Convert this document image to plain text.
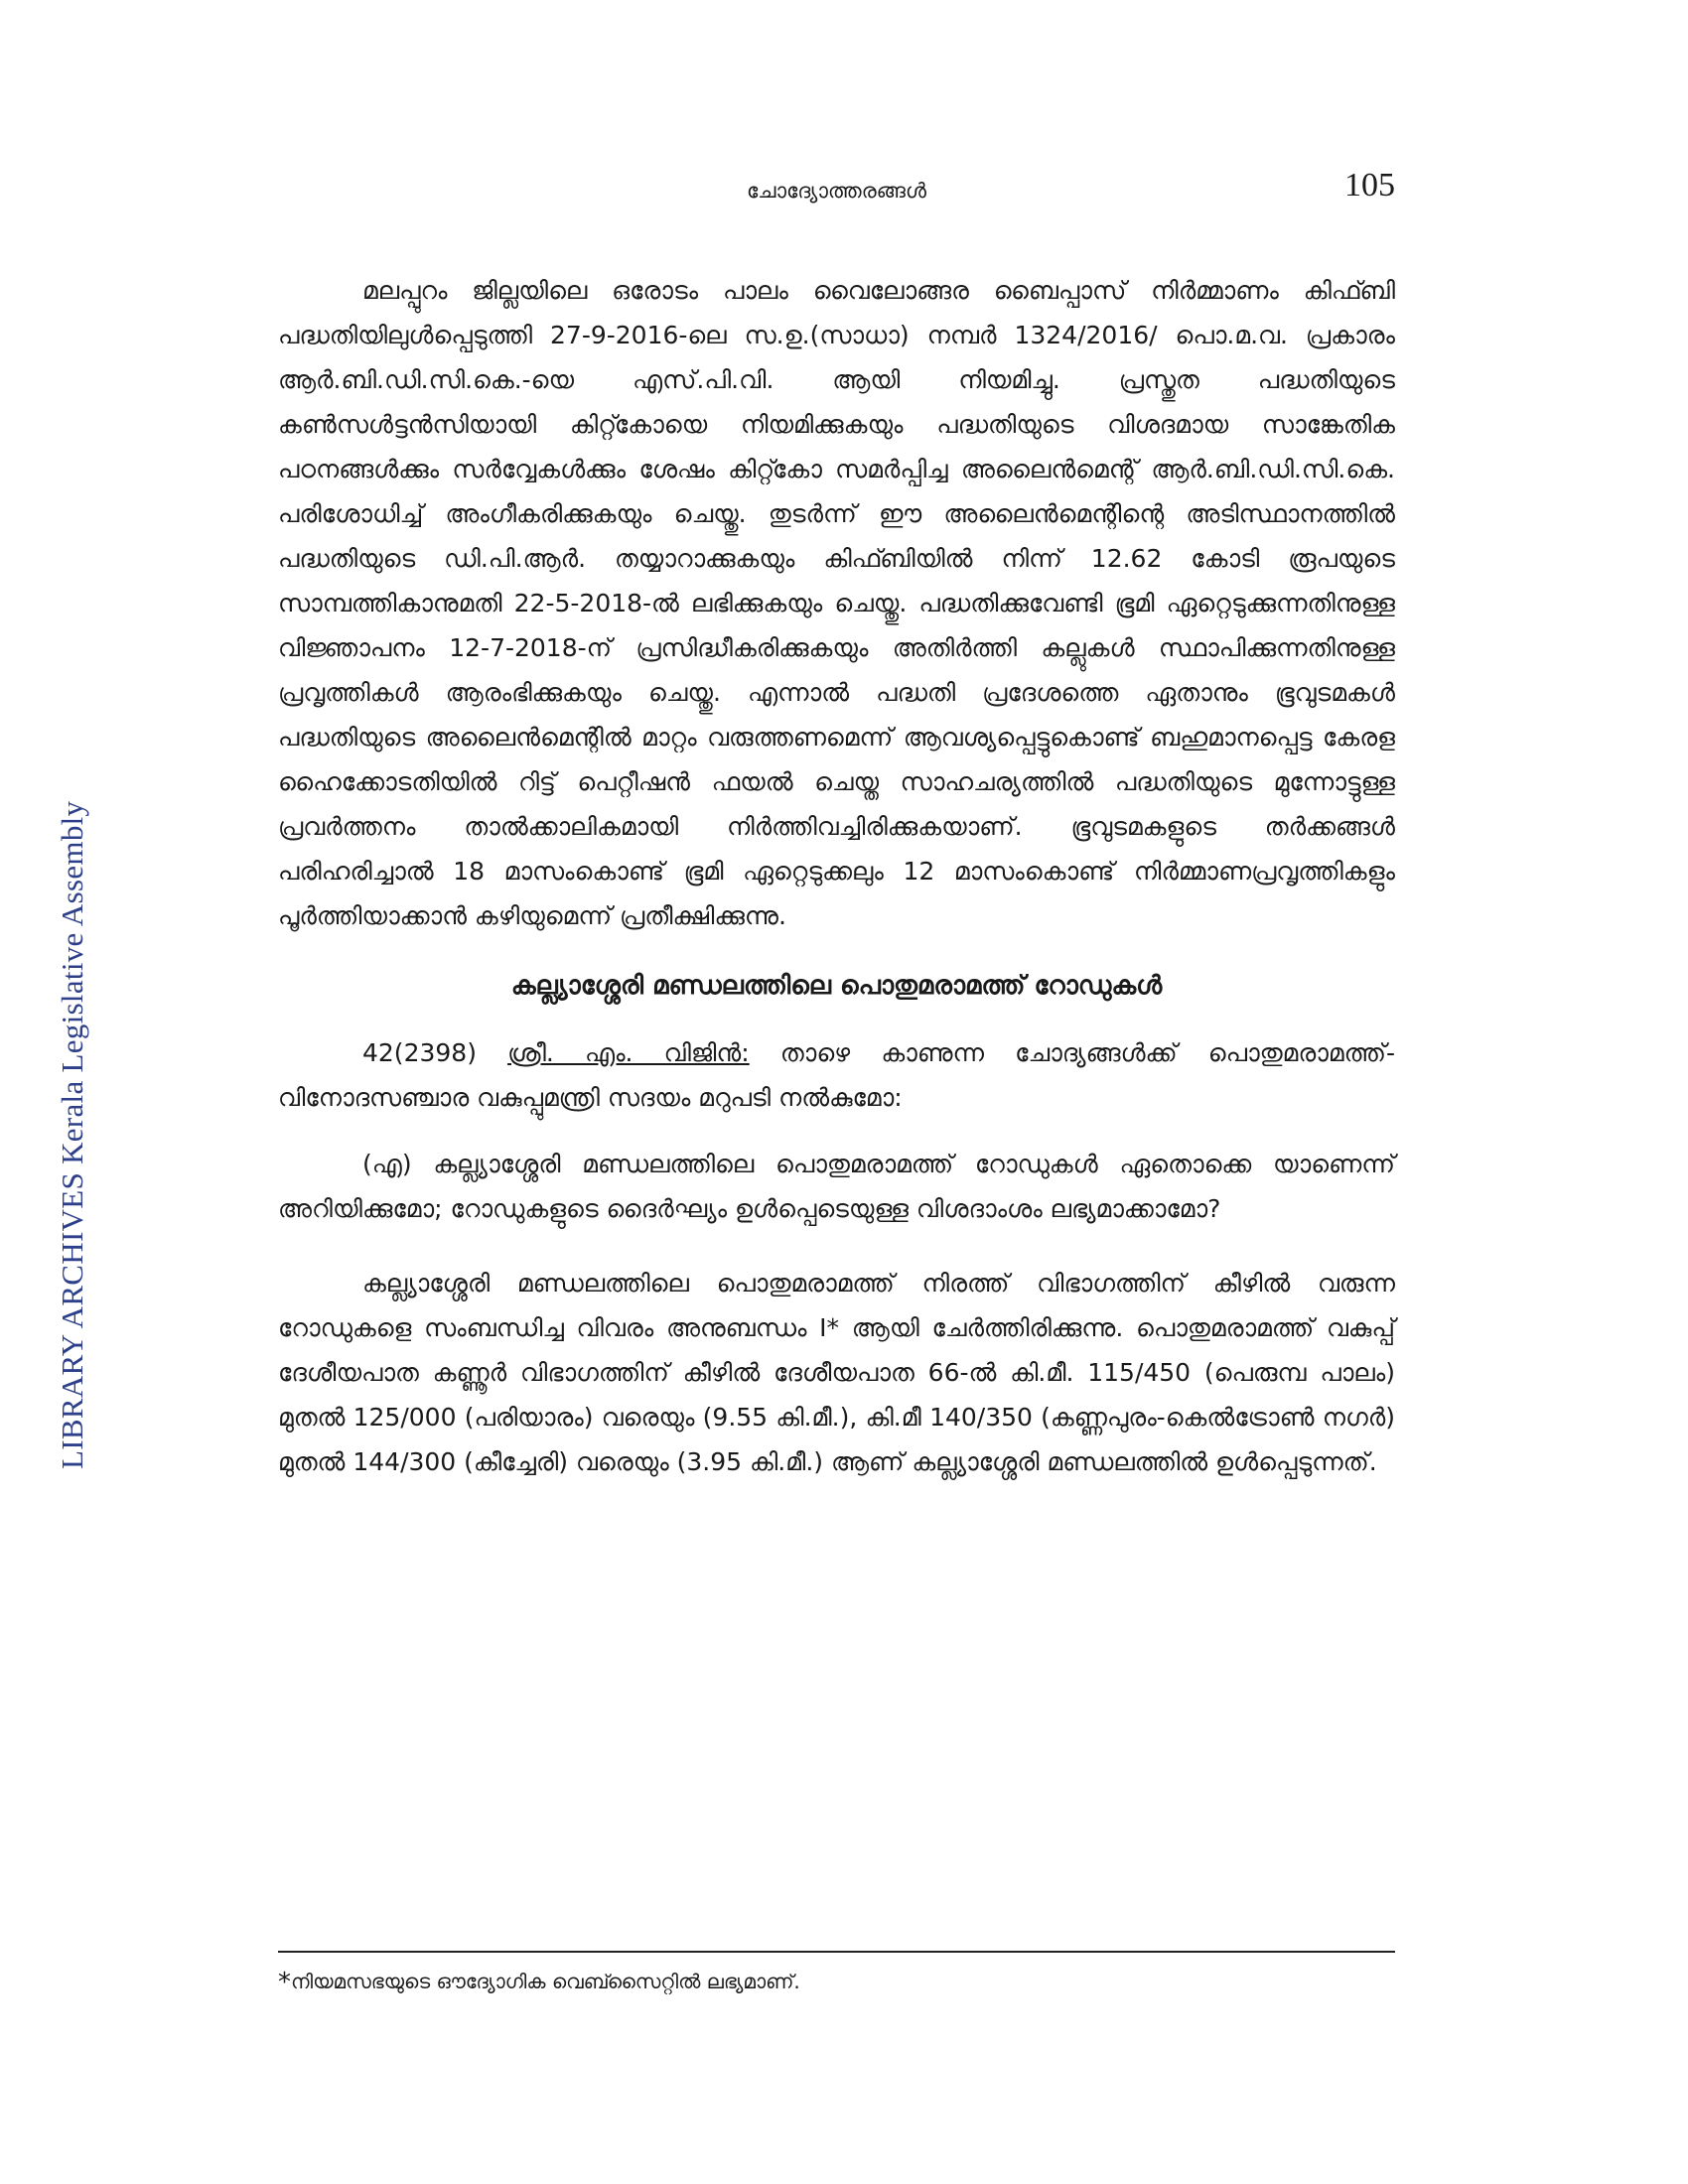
ചോദ്യോത്തരങ്ങൾ	105
LIBRARY ARCHIVES Kerala Legislative Assembly

മലപ്പുറം ജില്ലയിലെ ഒരോടം പാലം വൈലോങ്ങര ബൈപ്പാസ് നിർമ്മാണം കിഫ്ബി പദ്ധതിയിലുൾപ്പെടുത്തി 27-9-2016-ലെ സ.ഉ.(സാധാ) നമ്പർ 1324/2016/ പൊ.മ.വ. പ്രകാരം ആർ.ബി.ഡി.സി.കെ.-യെ എസ്.പി.വി. ആയി നിയമിച്ചു. പ്രസ്തുത പദ്ധതിയുടെ കൺസൾട്ടൻസിയായി കിറ്റ്കോയെ നിയമിക്കുകയും പദ്ധതിയുടെ വിശദമായ സാങ്കേതിക പഠനങ്ങൾക്കും സർവ്വേകൾക്കും ശേഷം കിറ്റ്കോ സമർപ്പിച്ച അലൈൻമെന്റ് ആർ.ബി.ഡി.സി.കെ. പരിശോധിച്ച് അംഗീകരിക്കുകയും ചെയ്തു. തുടർന്ന് ഈ അലൈൻമെന്റിന്റെ അടിസ്ഥാനത്തിൽ പദ്ധതിയുടെ ഡി.പി.ആർ. തയ്യാറാക്കുകയും കിഫ്ബിയിൽ നിന്ന് 12.62 കോടി രൂപയുടെ സാമ്പത്തികാനുമതി 22-5-2018-ൽ ലഭിക്കുകയും ചെയ്തു. പദ്ധതിക്കുവേണ്ടി ഭൂമി ഏറ്റെടുക്കുന്നതിനുള്ള വിജ്ഞാപനം 12-7-2018-ന് പ്രസിദ്ധീകരിക്കുകയും അതിർത്തി കല്ലുകൾ സ്ഥാപിക്കുന്നതിനുള്ള പ്രവൃത്തികൾ ആരംഭിക്കുകയും ചെയ്തു. എന്നാൽ പദ്ധതി പ്രദേശത്തെ ഏതാനും ഭൂവുടമകൾ പദ്ധതിയുടെ അലൈൻമെന്റിൽ മാറ്റം വരുത്തണമെന്ന് ആവശ്യപ്പെട്ടുകൊണ്ട് ബഹുമാനപ്പെട്ട കേരള ഹൈക്കോടതിയിൽ റിട്ട് പെറ്റീഷൻ ഫയൽ ചെയ്ത സാഹചര്യത്തിൽ പദ്ധതിയുടെ മുന്നോട്ടുള്ള പ്രവർത്തനം താൽക്കാലികമായി നിർത്തിവച്ചിരിക്കുകയാണ്. ഭൂവുടമകളുടെ തർക്കങ്ങൾ പരിഹരിച്ചാൽ 18 മാസംകൊണ്ട് ഭൂമി ഏറ്റെടുക്കലും 12 മാസംകൊണ്ട് നിർമ്മാണപ്രവൃത്തികളും പൂർത്തിയാക്കാൻ കഴിയുമെന്ന് പ്രതീക്ഷിക്കുന്നു.

കല്ല്യാശ്ശേരി മണ്ഡലത്തിലെ പൊതുമരാമത്ത് റോഡുകൾ

42(2398) ശ്രീ. എം. വിജിൻ: താഴെ കാണുന്ന ചോദ്യങ്ങൾക്ക് പൊതുമരാമത്ത്-വിനോദസഞ്ചാര വകുപ്പുമന്ത്രി സദയം മറുപടി നൽകുമോ:

(എ) കല്ല്യാശ്ശേരി മണ്ഡലത്തിലെ പൊതുമരാമത്ത് റോഡുകൾ ഏതൊക്കെ യാണെന്ന് അറിയിക്കുമോ; റോഡുകളുടെ ദൈർഘ്യം ഉൾപ്പെടെയുള്ള വിശദാംശം ലഭ്യമാക്കാമോ?

കല്ല്യാശ്ശേരി മണ്ഡലത്തിലെ പൊതുമരാമത്ത് നിരത്ത് വിഭാഗത്തിന് കീഴിൽ വരുന്ന റോഡുകളെ സംബന്ധിച്ച വിവരം അനുബന്ധം I* ആയി ചേർത്തിരിക്കുന്നു. പൊതുമരാമത്ത് വകുപ്പ് ദേശീയപാത കണ്ണൂർ വിഭാഗത്തിന് കീഴിൽ ദേശീയപാത 66-ൽ കി.മീ. 115/450 (പെരുമ്പ പാലം) മുതൽ 125/000 (പരിയാരം) വരെയും (9.55 കി.മീ.), കി.മീ 140/350 (കണ്ണപുരം-കെൽട്രോൺ നഗർ) മുതൽ 144/300 (കീച്ചേരി) വരെയും (3.95 കി.മീ.) ആണ് കല്ല്യാശ്ശേരി മണ്ഡലത്തിൽ ഉൾപ്പെടുന്നത്.

*നിയമസഭയുടെ ഔദ്യോഗിക വെബ്സൈറ്റിൽ ലഭ്യമാണ്.
